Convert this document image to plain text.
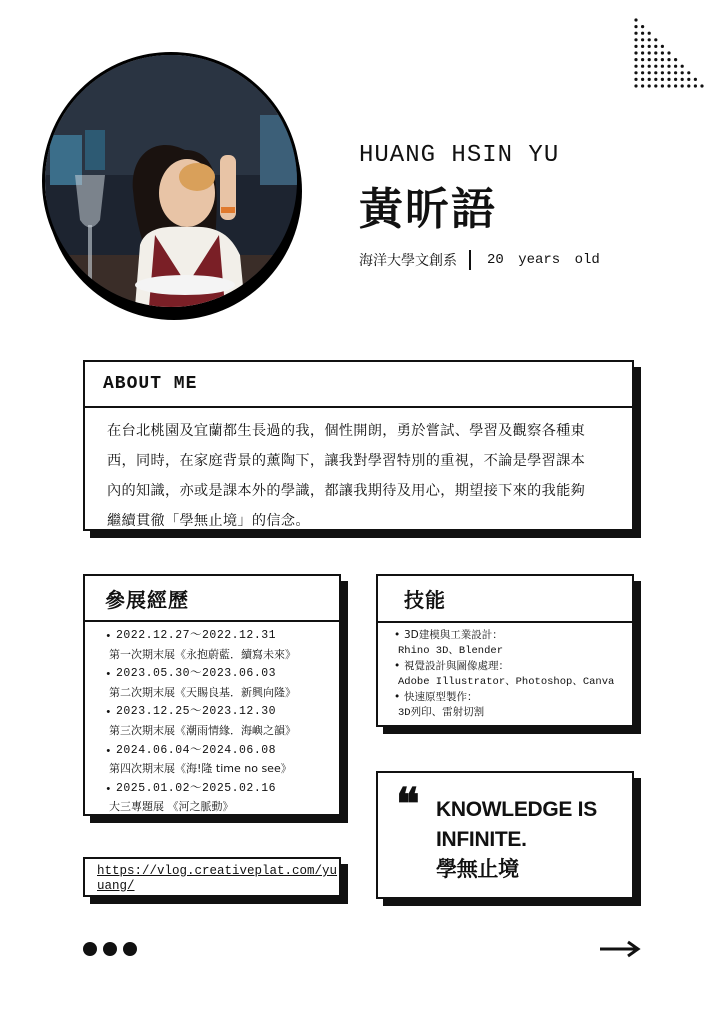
HUANG HSIN YU
黃昕語
海洋大學文創系 20 years old
ABOUT ME
在台北桃園及宜蘭都生長過的我，個性開朗，勇於嘗試、學習及觀察各種東
西，同時，在家庭背景的薰陶下，讓我對學習特別的重視，不論是學習課本
內的知識，亦或是課本外的學識，都讓我期待及用心，期望接下來的我能夠
繼續貫徹「學無止境」的信念。
參展經歷
• 2022.12.27～2022.12.31
第一次期末展《永抱蔚藍．續寫未來》
• 2023.05.30～2023.06.03
第二次期末展《天賜良基．新興向隆》
• 2023.12.25～2023.12.30
第三次期末展《潮雨情緣．海嶼之韻》
• 2024.06.04～2024.06.08
第四次期末展《海!隆 time no see》
• 2025.01.02～2025.02.16
大三專題展 《河之脈動》
技能
• 3D建模與工業設計：
Rhino 3D、Blender
• 視覺設計與圖像處理：
Adobe Illustrator、Photoshop、Canva
• 快速原型製作：
3D列印、雷射切割
❝ KNOWLEDGE IS
INFINITE.
學無止境
https://vlog.creativeplat.com/yuuang/
